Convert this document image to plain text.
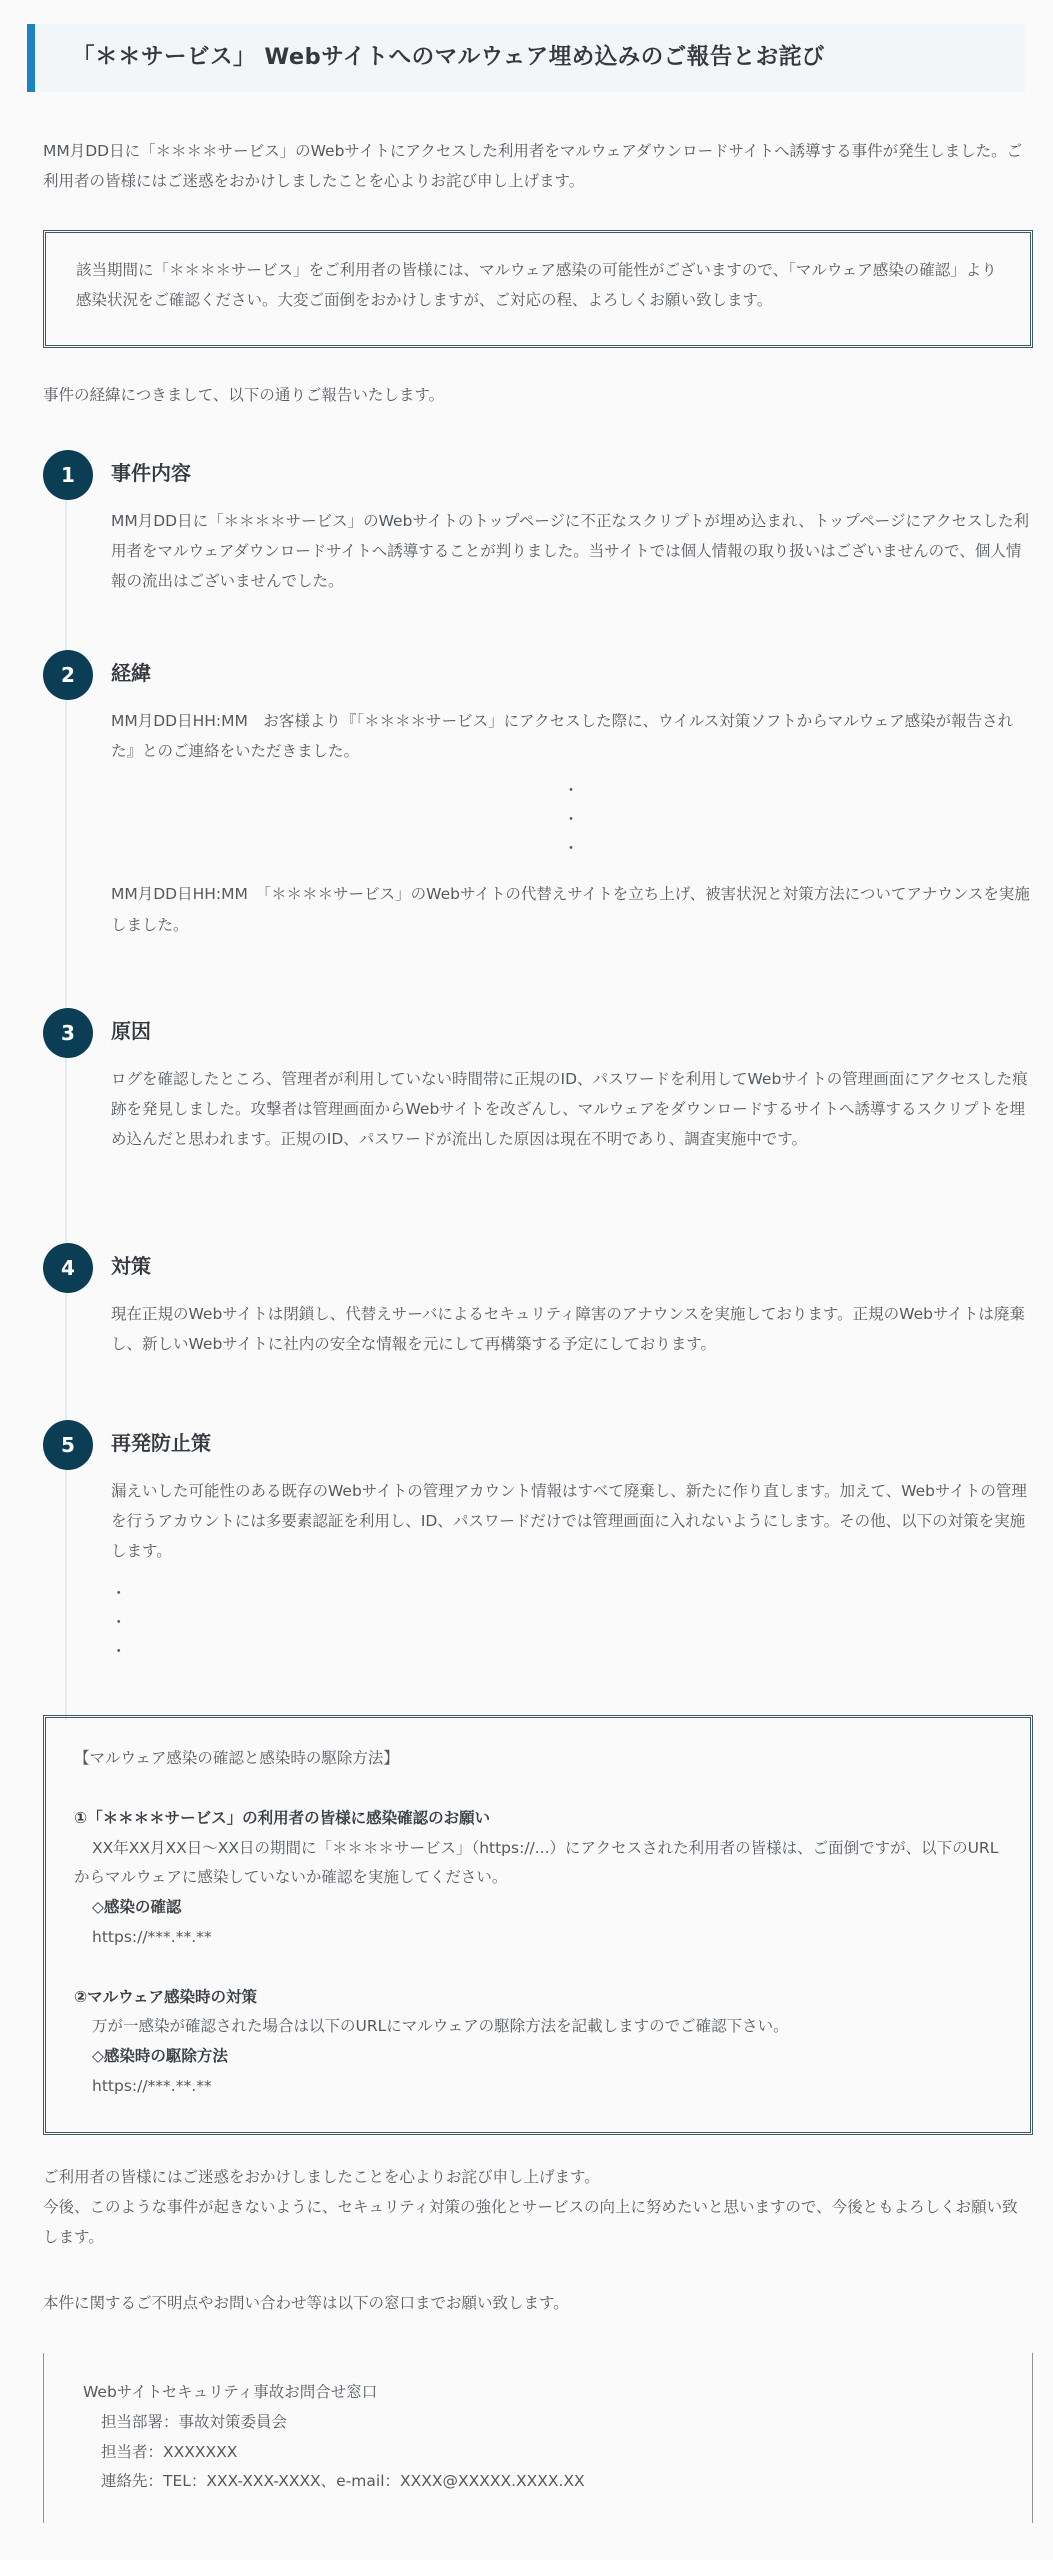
「＊＊サービス」 Webサイトへのマルウェア埋め込みのご報告とお詫び

MM月DD日に「＊＊＊＊サービス」のWebサイトにアクセスした利用者をマルウェアダウンロードサイトへ誘導する事件が発生しました。ご利用者の皆様にはご迷惑をおかけしましたことを心よりお詫び申し上げます。

該当期間に「＊＊＊＊サービス」をご利用者の皆様には、マルウェア感染の可能性がございますので、「マルウェア感染の確認」より感染状況をご確認ください。大変ご面倒をおかけしますが、ご対応の程、よろしくお願い致します。

事件の経緯につきまして、以下の通りご報告いたします。

1	事件内容

MM月DD日に「＊＊＊＊サービス」のWebサイトのトップページに不正なスクリプトが埋め込まれ、トップページにアクセスした利用者をマルウェアダウンロードサイトへ誘導することが判りました。当サイトでは個人情報の取り扱いはございませんので、個人情報の流出はございませんでした。

2	経緯

MM月DD日HH:MM　お客様より『「＊＊＊＊サービス」にアクセスした際に、ウイルス対策ソフトからマルウェア感染が報告された』とのご連絡をいただきました。

・
・
・

MM月DD日HH:MM　「＊＊＊＊サービス」のWebサイトの代替えサイトを立ち上げ、被害状況と対策方法についてアナウンスを実施しました。

3	原因

ログを確認したところ、管理者が利用していない時間帯に正規のID、パスワードを利用してWebサイトの管理画面にアクセスした痕跡を発見しました。攻撃者は管理画面からWebサイトを改ざんし、マルウェアをダウンロードするサイトへ誘導するスクリプトを埋め込んだと思われます。正規のID、パスワードが流出した原因は現在不明であり、調査実施中です。

4	対策

現在正規のWebサイトは閉鎖し、代替えサーバによるセキュリティ障害のアナウンスを実施しております。正規のWebサイトは廃棄し、新しいWebサイトに社内の安全な情報を元にして再構築する予定にしております。

5	再発防止策

漏えいした可能性のある既存のWebサイトの管理アカウント情報はすべて廃棄し、新たに作り直します。加えて、Webサイトの管理を行うアカウントには多要素認証を利用し、ID、パスワードだけでは管理画面に入れないようにします。その他、以下の対策を実施します。

・
・
・

【マルウェア感染の確認と感染時の駆除方法】

①「＊＊＊＊サービス」の利用者の皆様に感染確認のお願い

XX年XX月XX日～XX日の期間に「＊＊＊＊サービス」（https://...）にアクセスされた利用者の皆様は、ご面倒ですが、以下のURLからマルウェアに感染していないか確認を実施してください。

◇感染の確認

https://***.**.**

②マルウェア感染時の対策

万が一感染が確認された場合は以下のURLにマルウェアの駆除方法を記載しますのでご確認下さい。

◇感染時の駆除方法

https://***.**.**

ご利用者の皆様にはご迷惑をおかけしましたことを心よりお詫び申し上げます。

今後、このような事件が起きないように、セキュリティ対策の強化とサービスの向上に努めたいと思いますので、今後ともよろしくお願い致します。

本件に関するご不明点やお問い合わせ等は以下の窓口までお願い致します。

Webサイトセキュリティ事故お問合せ窓口

担当部署：事故対策委員会

担当者：XXXXXXX

連絡先：TEL：XXX-XXX-XXXX、e-mail：XXXX@XXXXX.XXXX.XX
